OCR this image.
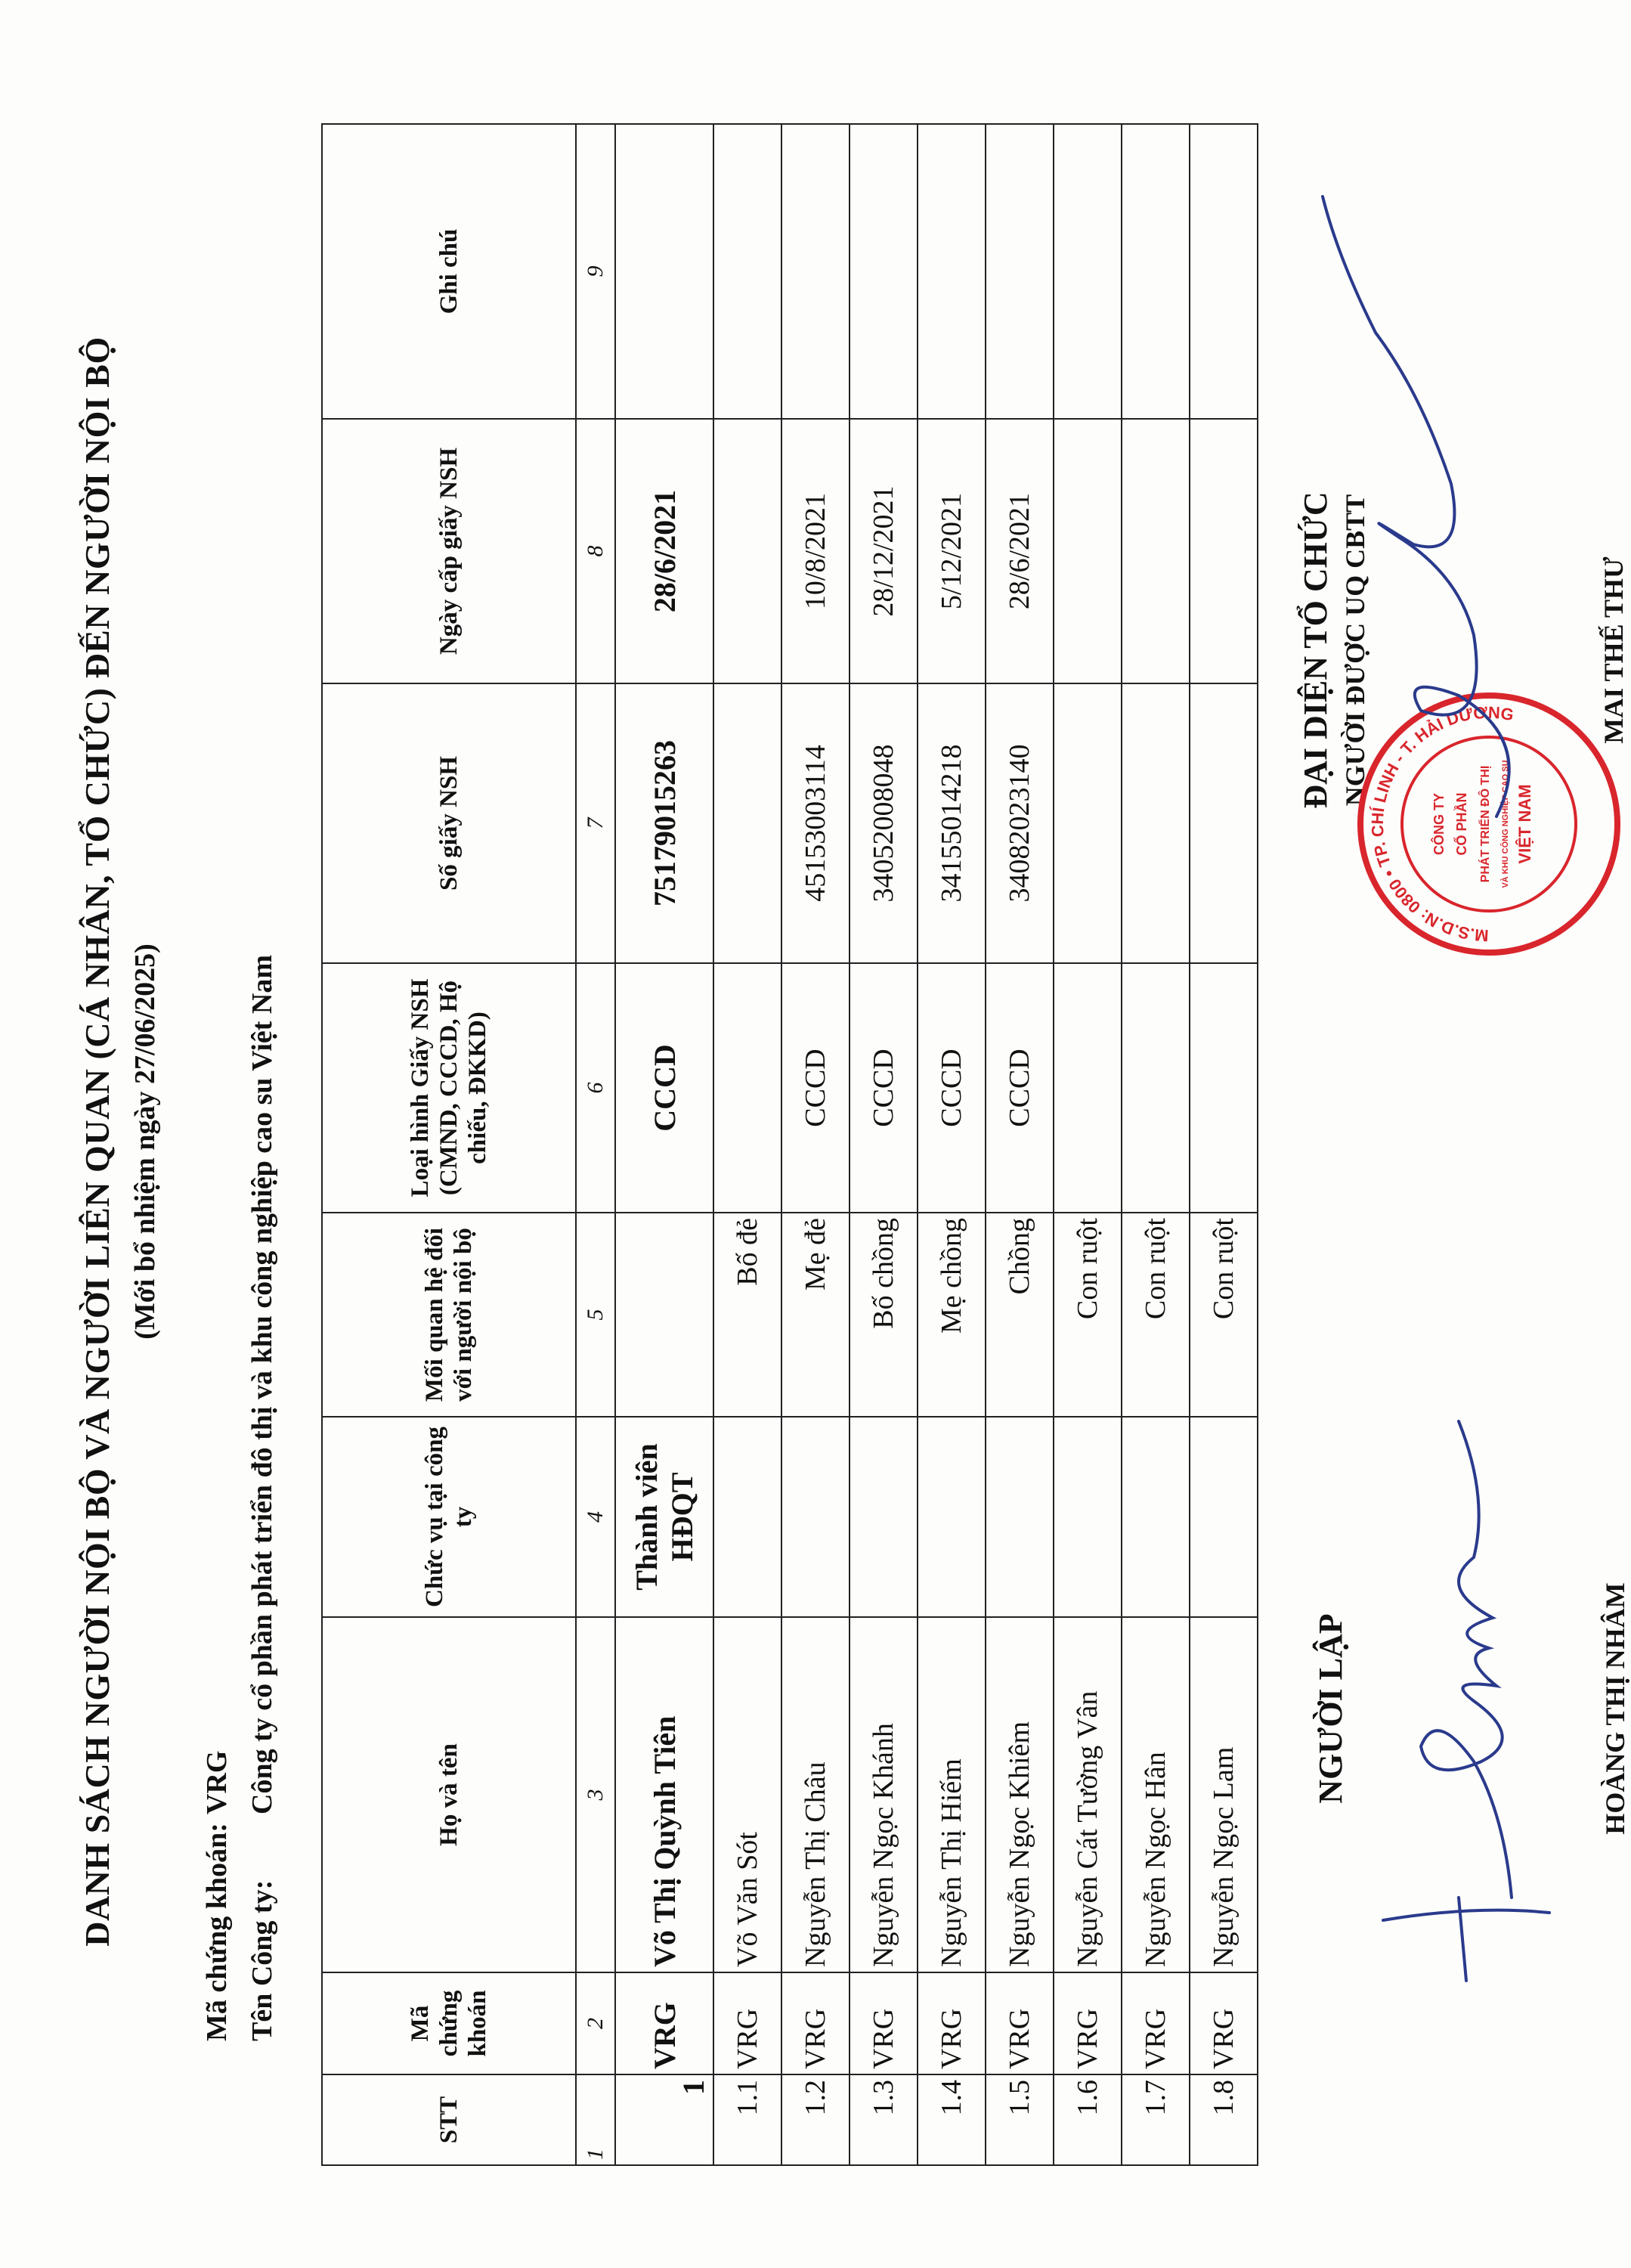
DANH SÁCH NGƯỜI NỘI BỘ VÀ NGƯỜI LIÊN QUAN (CÁ NHÂN, TỔ CHỨC) ĐẾN NGƯỜI NỘI BỘ (Mới bổ nhiệm ngày 27/06/2025)
Mã chứng khoán:VRG
Tên Công ty:Công ty cổ phần phát triển đô thị và khu công nghiệp cao su Việt Nam
STT	Mã chứng khoán	Họ và tên	Chức vụ tại công ty	Mối quan hệ đối với người nội bộ	Loại hình Giấy NSH (CMND, CCCD, Hộ chiếu, ĐKKD)	Số giấy NSH	Ngày cấp giấy NSH	Ghi chú
1	2	3	4	5	6	7	8	9
1	VRG	Võ Thị Quỳnh Tiên	Thành viên HĐQT		CCCD	75179015263	28/6/2021	
1.1	VRG	Võ Văn Sót		Bố đẻ				
1.2	VRG	Nguyễn Thị Châu		Mẹ đẻ	CCCD	45153003114	10/8/2021	
1.3	VRG	Nguyễn Ngọc Khánh		Bố chồng	CCCD	34052008048	28/12/2021	
1.4	VRG	Nguyễn Thị Hiếm		Mẹ chồng	CCCD	34155014218	5/12/2021	
1.5	VRG	Nguyễn Ngọc Khiêm		Chồng	CCCD	34082023140	28/6/2021	
1.6	VRG	Nguyễn Cát Tường Vân		Con ruột				
1.7	VRG	Nguyễn Ngọc Hân		Con ruột				
1.8	VRG	Nguyễn Ngọc Lam		Con ruột				
NGƯỜI LẬP	HOÀNG THỊ NHÂM
ĐẠI DIỆN TỔ CHỨC NGƯỜI ĐƯỢC UQ CBTT	MAI THẾ THƯ
CÔNG TY CỔ PHẦN PHÁT TRIỂN ĐÔ THỊ VÀ KHU CÔNG NGHIỆP CAO SU VIỆT NAM
M.S.D.N: 0800 • TP. CHÍ LINH - T. HẢI DƯƠNG
